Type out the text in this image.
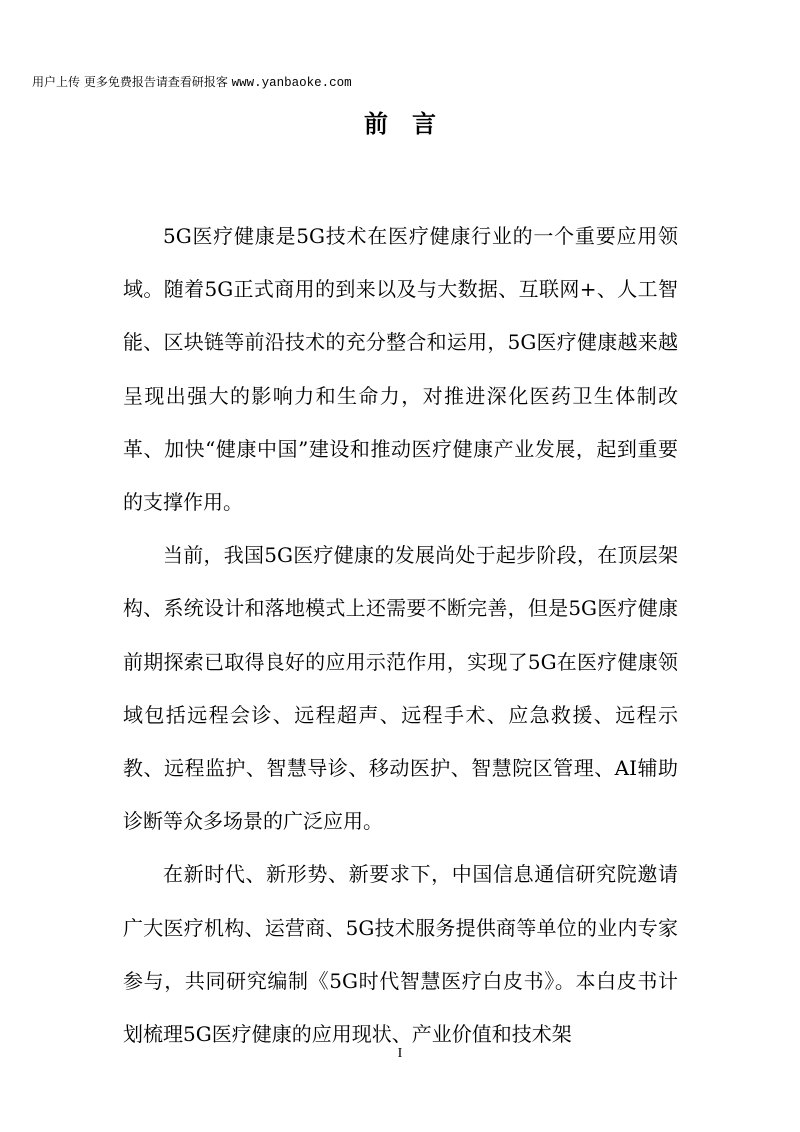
用户上传 更多免费报告请查看研报客 www.yanbaoke.com
前言

5G医疗健康是5G技术在医疗健康行业的一个重要应用领域。随着5G正式商用的到来以及与大数据、互联网+、人工智能、区块链等前沿技术的充分整合和运用，5G医疗健康越来越呈现出强大的影响力和生命力，对推进深化医药卫生体制改革、加快“健康中国”建设和推动医疗健康产业发展，起到重要的支撑作用。

当前，我国5G医疗健康的发展尚处于起步阶段，在顶层架构、系统设计和落地模式上还需要不断完善，但是5G医疗健康前期探索已取得良好的应用示范作用，实现了5G在医疗健康领域包括远程会诊、远程超声、远程手术、应急救援、远程示教、远程监护、智慧导诊、移动医护、智慧院区管理、AI辅助诊断等众多场景的广泛应用。

在新时代、新形势、新要求下，中国信息通信研究院邀请广大医疗机构、运营商、5G技术服务提供商等单位的业内专家参与，共同研究编制《5G时代智慧医疗白皮书》。本白皮书计划梳理5G医疗健康的应用现状、产业价值和技术架

I
